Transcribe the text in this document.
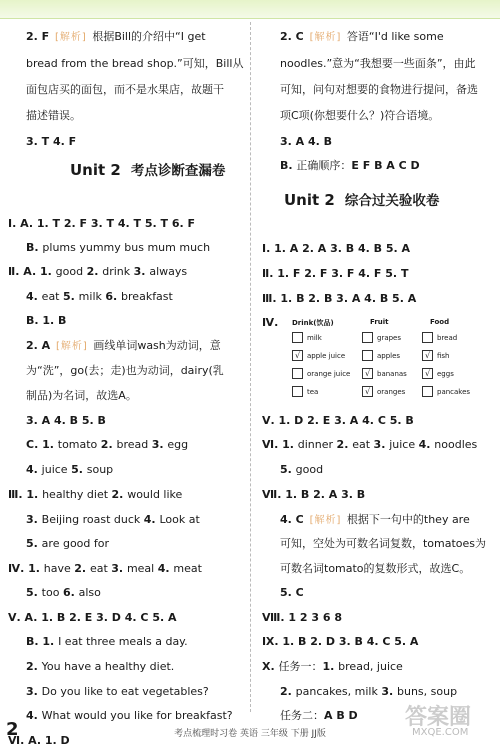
Unit 2 考点诊断查漏卷
2. F [解析] 根据Bill的介绍中“I get
bread from the bread shop.”可知，Bill从
面包店买的面包，而不是水果店，故题干
描述错误。
3. T 4. F
Ⅰ. A. 1. T 2. F 3. T 4. T 5. T 6. F
B. plums yummy bus mum much
Ⅱ. A. 1. good 2. drink 3. always
4. eat 5. milk 6. breakfast
B. 1. B
2. A [解析] 画线单词wash为动词，意
为“洗”，go(去；走)也为动词，dairy(乳
制品)为名词，故选A。
3. A 4. B 5. B
C. 1. tomato 2. bread 3. egg
4. juice 5. soup
Ⅲ. 1. healthy diet 2. would like
3. Beijing roast duck 4. Look at
5. are good for
Ⅳ. 1. have 2. eat 3. meal 4. meat
5. too 6. also
Ⅴ. A. 1. B 2. E 3. D 4. C 5. A
B. 1. I eat three meals a day.
2. You have a healthy diet.
3. Do you like to eat vegetables?
4. What would you like for breakfast?
Ⅵ. A. 1. D
Unit 2 综合过关验收卷
Drink(饮品)	Fruit	Food
milk	grapes	bread
√ apple juice	apples	√ fish
orange juice	√ bananas	√ eggs
tea	√ oranges	pancakes
2. C [解析] 答语“I'd like some
noodles.”意为“我想要一些面条”，由此
可知，问句对想要的食物进行提问，备选
项C项(你想要什么？)符合语境。
3. A 4. B
B. 正确顺序：E F B A C D
Ⅰ. 1. A 2. A 3. B 4. B 5. A
Ⅱ. 1. F 2. F 3. F 4. F 5. T
Ⅲ. 1. B 2. B 3. A 4. B 5. A
Ⅳ.
Ⅴ. 1. D 2. E 3. A 4. C 5. B
Ⅵ. 1. dinner 2. eat 3. juice 4. noodles
5. good
Ⅶ. 1. B 2. A 3. B
4. C [解析] 根据下一句中的they are
可知，空处为可数名词复数，tomatoes为
可数名词tomato的复数形式，故选C。
5. C
Ⅷ. 1 2 3 6 8
Ⅸ. 1. B 2. D 3. B 4. C 5. A
Ⅹ. 任务一：1. bread, juice
2. pancakes, milk 3. buns, soup
任务二：A B D
2	考点梳理时习卷 英语 三年级 下册 JJ版
答案圈
MXQE.COM
